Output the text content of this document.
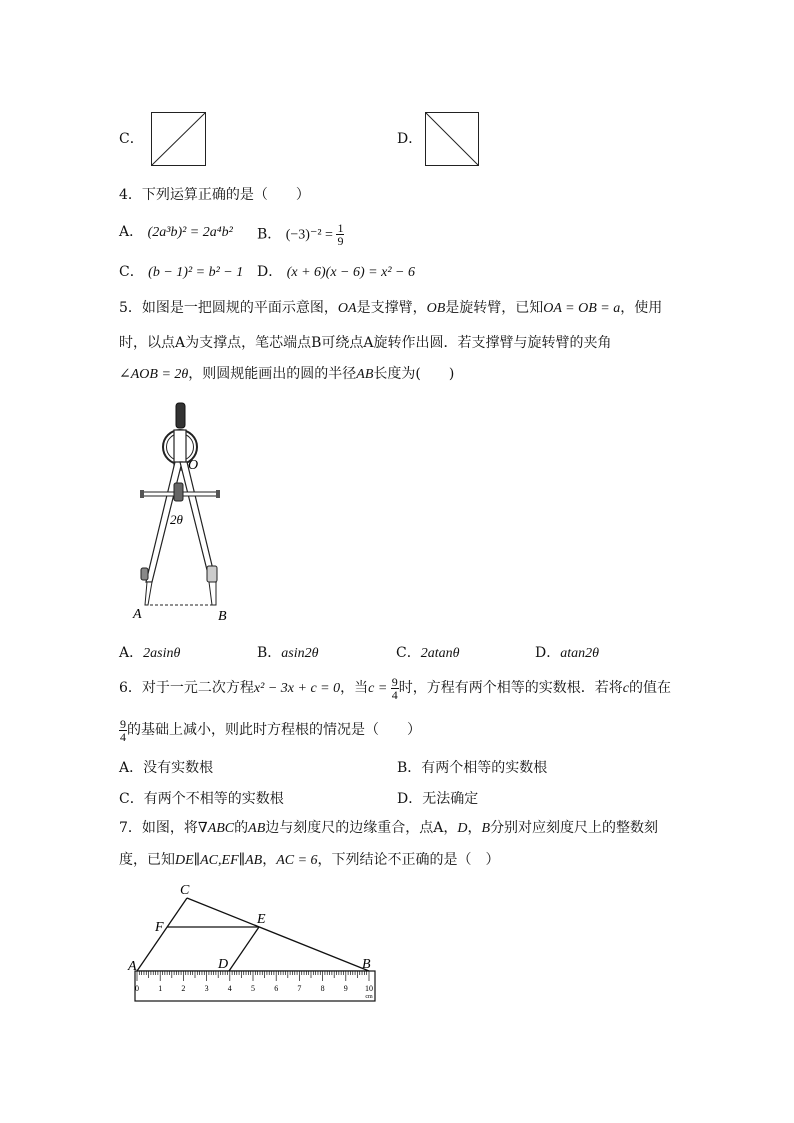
C．	D．
4．下列运算正确的是（　　）
A． (2a³b)² = 2a⁴b² B． $(-3)^{-2} = \frac{1}{9}$
C． (b − 1)² = b² − 1 D． (x + 6)(x − 6) = x² − 6
5．如图是一把圆规的平面示意图，OA是支撑臂，OB是旋转臂，已知OA = OB = a，使用
时，以点A为支撑点，笔芯端点B可绕点A旋转作出圆．若支撑臂与旋转臂的夹角
∠AOB = 2θ，则圆规能画出的圆的半径AB长度为(　　)
O
2θ
A	B
A．2asinθ	B．asin2θ	C．2atanθ	D．atan2θ
6．对于一元二次方程x² − 3x + c = 0，当$c = \frac{9}{4}$ 时，方程有两个相等的实数根．若将c的值在
$\frac{9}{4}$ 的基础上减小，则此时方程根的情况是（　　）
A．没有实数根	B．有两个相等的实数根
C．有两个不相等的实数根	D．无法确定
7．如图，将∇ABC的AB边与刻度尺的边缘重合，点A，D，B分别对应刻度尺上的整数刻
度，已知DE∥AC,EF∥AB，AC = 6，下列结论不正确的是（　）
0 1 2 3 4 5 6 7 8 9 10
cm
C
F
E
A	D	B
